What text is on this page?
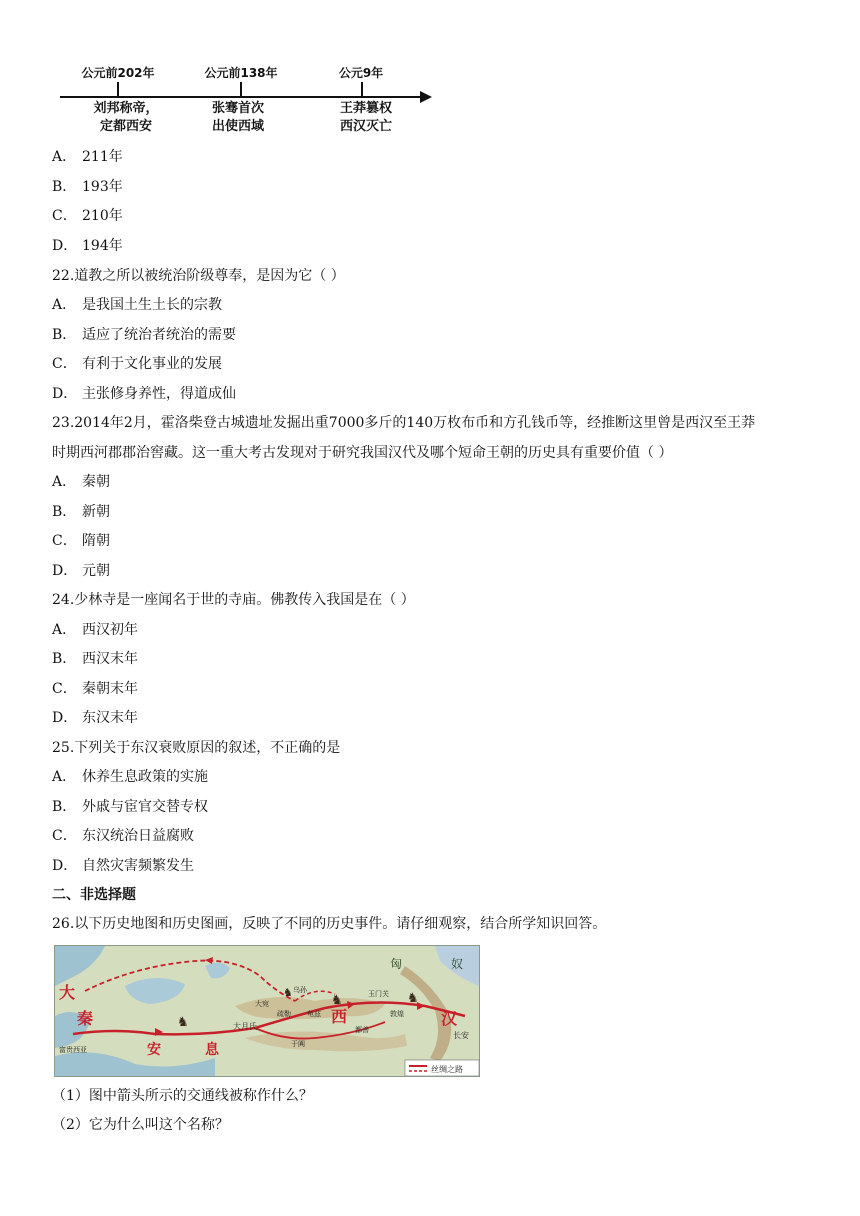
公元前202年
刘邦称帝，
定都西安
公元前138年
张骞首次
出使西域
公元9年
王莽篡权
西汉灭亡
A． 211年
B． 193年
C． 210年
D． 194年
22.道教之所以被统治阶级尊奉，是因为它（ ）
A． 是我国土生土长的宗教
B． 适应了统治者统治的需要
C． 有利于文化事业的发展
D． 主张修身养性，得道成仙
23.2014年2月，霍洛柴登古城遗址发掘出重7000多斤的140万枚布币和方孔钱币等，经推断这里曾是西汉至王莽
时期西河郡郡治窖藏。这一重大考古发现对于研究我国汉代及哪个短命王朝的历史具有重要价值（ ）
A． 秦朝
B． 新朝
C． 隋朝
D． 元朝
24.少林寺是一座闻名于世的寺庙。佛教传入我国是在（ ）
A． 西汉初年
B． 西汉末年
C． 秦朝末年
D． 东汉末年
25.下列关于东汉衰败原因的叙述，不正确的是
A． 休养生息政策的实施
B． 外戚与宦官交替专权
C． 东汉统治日益腐败
D． 自然灾害频繁发生
二、非选择题
26.以下历史地图和历史图画，反映了不同的历史事件。请仔细观察，结合所学知识回答。
♞
♞	♞
♞
匈	奴
大
秦
安	息
西	汉
玉门关
敦煌
长安
大月氏
大宛
疏勒
于阗
龟兹
鄯善
乌孙
富贵西亚
丝绸之路
（1）图中箭头所示的交通线被称作什么？
（2）它为什么叫这个名称？
